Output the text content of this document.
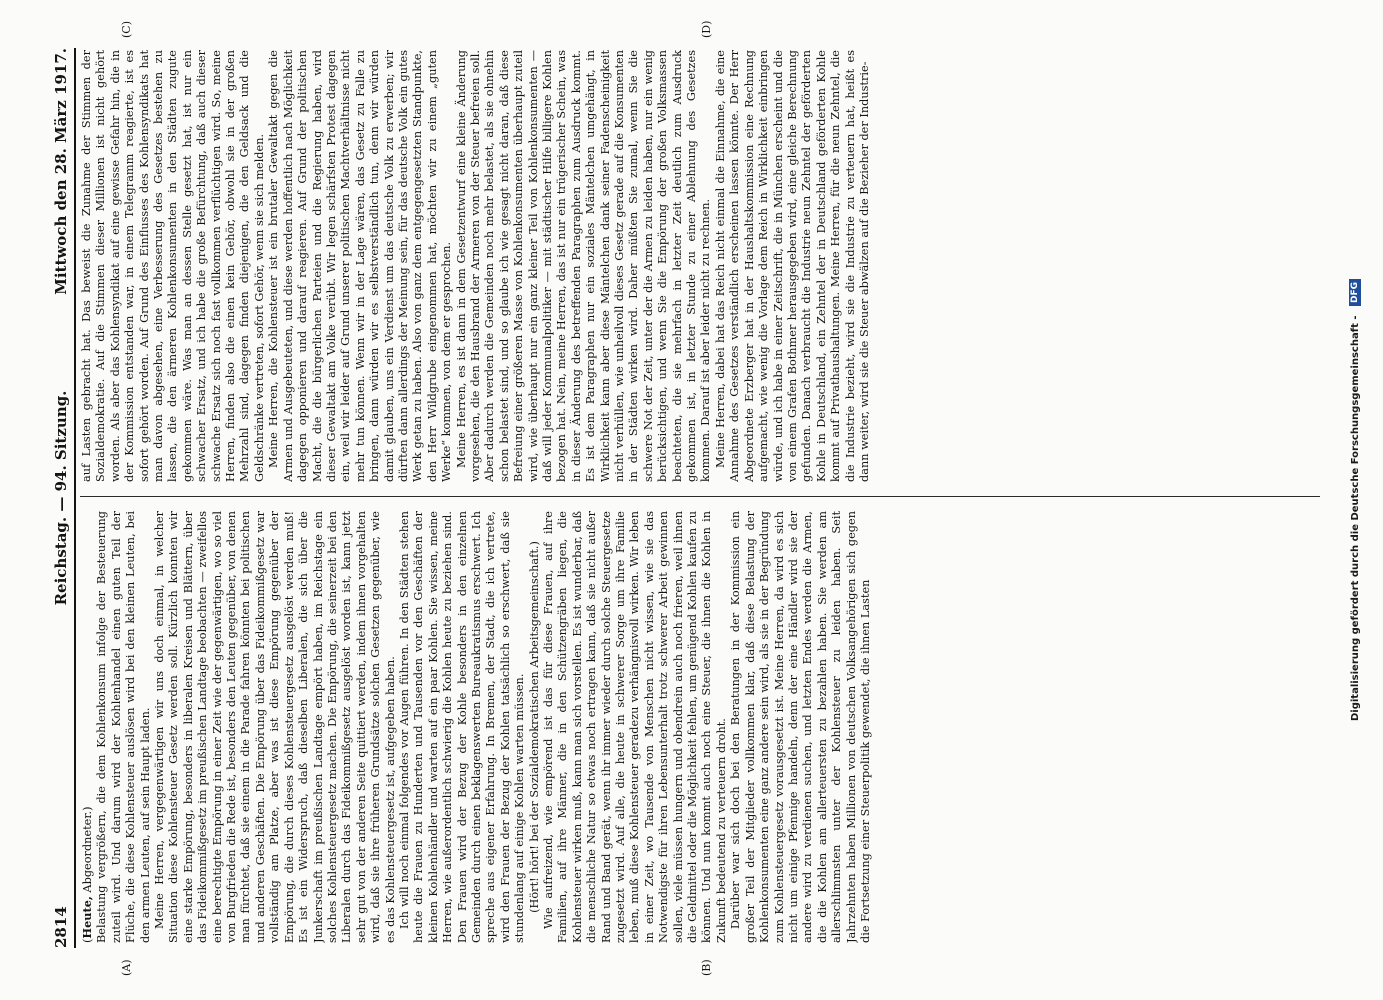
2814
Reichstag. — 94. Sitzung.
Mittwoch den 28. März 1917.
(A)	(B)
(C)	(D)

(Heute, Abgeordneter.) Belastung vergrößern, die dem Kohlenkonsum infolge der Besteuerung zuteil wird. Und darum wird der Kohlenhandel einen guten Teil der Flüche, die diese Kohlensteuer auslösen wird bei den kleinen Leuten, bei den armen Leuten, auf sein Haupt laden. Meine Herren, vergegenwärtigen wir uns doch einmal, in welcher Situation diese Kohlensteuer Gesetz werden soll. Kürzlich konnten wir eine starke Empörung, besonders in liberalen Kreisen und Blättern, über das Fideikommißgesetz im preußischen Landtage beobachten — zweifellos eine berechtigte Empörung in einer Zeit wie der gegenwärtigen, wo so viel von Burgfrieden die Rede ist, besonders den Leuten gegenüber, von denen man fürchtet, daß sie einem in die Parade fahren könnten bei politischen und anderen Geschäften. Die Empörung über das Fideikommißgesetz war vollständig am Platze, aber was ist diese Empörung gegenüber der Empörung, die durch dieses Kohlensteuergesetz ausgelöst werden muß! Es ist ein Widerspruch, daß dieselben Liberalen, die sich über die Junkerschaft im preußischen Landtage empört haben, im Reichstage ein solches Kohlensteuergesetz machen. Die Empörung, die seinerzeit bei den Liberalen durch das Fideikommißgesetz ausgelöst worden ist, kann jetzt sehr gut von der anderen Seite quittiert werden, indem ihnen vorgehalten wird, daß sie ihre früheren Grundsätze solchen Gesetzen gegenüber, wie es das Kohlensteuergesetz ist, aufgegeben haben. Ich will noch einmal folgendes vor Augen führen. In den Städten stehen heute die Frauen zu Hunderten und Tausenden vor den Geschäften der kleinen Kohlenhändler und warten auf ein paar Kohlen. Sie wissen, meine Herren, wie außerordentlich schwierig die Kohlen heute zu beziehen sind. Den Frauen wird der Bezug der Kohle besonders in den einzelnen Gemeinden durch einen beklagenswerten Bureaukratismus erschwert. Ich spreche aus eigener Erfahrung. In Bremen, der Stadt, die ich vertrete, wird den Frauen der Bezug der Kohlen tatsächlich so erschwert, daß sie stundenlang auf einige Kohlen warten müssen. (Hört! hört! bei der Sozialdemokratischen Arbeitsgemeinschaft.) Wie aufreizend, wie empörend ist das für diese Frauen, auf ihre Familien, auf ihre Männer, die in den Schützengräben liegen, die Kohlensteuer wirken muß, kann man sich vorstellen. Es ist wunderbar, daß die menschliche Natur so etwas noch ertragen kann, daß sie nicht außer Rand und Band gerät, wenn ihr immer wieder durch solche Steuergesetze zugesetzt wird. Auf alle, die heute in schwerer Sorge um ihre Familie leben, muß diese Kohlensteuer geradezu verhängnisvoll wirken. Wir leben in einer Zeit, wo Tausende von Menschen nicht wissen, wie sie das Notwendigste für ihren Lebensunterhalt trotz schwerer Arbeit gewinnen sollen, viele müssen hungern und obendrein auch noch frieren, weil ihnen die Geldmittel oder die Möglichkeit fehlen, um genügend Kohlen kaufen zu können. Und nun kommt auch noch eine Steuer, die ihnen die Kohlen in Zukunft bedeutend zu verteuern droht. Darüber war sich doch bei den Beratungen in der Kommission ein großer Teil der Mitglieder vollkommen klar, daß diese Belastung der Kohlenkonsumenten eine ganz andere sein wird, als sie in der Begründung zum Kohlensteuergesetz vorausgesetzt ist. Meine Herren, da wird es sich nicht um einige Pfennige handeln, denn der eine Händler wird sie der andere wird zu verdienen suchen, und letzten Endes werden die Armen, die die Kohlen am allerteuersten zu bezahlen haben. Sie werden am allerschlimmsten unter der Kohlensteuer zu leiden haben. Seit Jahrzehnten haben Millionen von deutschen Volksangehörigen sich gegen die Fortsetzung einer Steuerpolitik gewendet, die ihnen Lasten

auf Lasten gebracht hat. Das beweist die Zunahme der Stimmen der Sozialdemokratie. Auf die Stimmen dieser Millionen ist nicht gehört worden. Als aber das Kohlensyndikat auf eine gewisse Gefahr hin, die in der Kommission entstanden war, in einem Telegramm reagierte, ist es sofort gehört worden. Auf Grund des Einflusses des Kohlensyndikats hat man davon abgesehen, eine Verbesserung des Gesetzes bestehen zu lassen, die den ärmeren Kohlenkonsumenten in den Städten zugute gekommen wäre. Was man an dessen Stelle gesetzt hat, ist nur ein schwacher Ersatz, und ich habe die große Befürchtung, daß auch dieser schwache Ersatz sich noch fast vollkommen verflüchtigen wird. So, meine Herren, finden also die einen kein Gehör, obwohl sie in der großen Mehrzahl sind, dagegen finden diejenigen, die den Geldsack und die Geldschränke vertreten, sofort Gehör, wenn sie sich melden. Meine Herren, die Kohlensteuer ist ein brutaler Gewaltakt gegen die Armen und Ausgebeuteten, und diese werden hoffentlich nach Möglichkeit dagegen opponieren und darauf reagieren. Auf Grund der politischen Macht, die die bürgerlichen Parteien und die Regierung haben, wird dieser Gewaltakt am Volke verübt. Wir legen schärfsten Protest dagegen ein, weil wir leider auf Grund unserer politischen Machtverhältnisse nicht mehr tun können. Wenn wir in der Lage wären, das Gesetz zu Falle zu bringen, dann würden wir es selbstverständlich tun, denn wir würden damit glauben, uns ein Verdienst um das deutsche Volk zu erwerben; wir dürften dann allerdings der Meinung sein, für das deutsche Volk ein gutes Werk getan zu haben. Also von ganz dem entgegengesetzten Standpunkte, den Herr Wildgrube eingenommen hat, möchten wir zu einem „guten Werke“ kommen, von dem er gesprochen. Meine Herren, es ist dann in dem Gesetzentwurf eine kleine Änderung vorgesehen, die den Hausbrand der Armeren von der Steuer befreien soll. Aber dadurch werden die Gemeinden noch mehr belastet, als sie ohnehin schon belastet sind, und so glaube ich wie gesagt nicht daran, daß diese Befreiung einer größeren Masse von Kohlenkonsumenten überhaupt zuteil wird, wie überhaupt nur ein ganz kleiner Teil von Kohlenkonsumenten — daß will jeder Kommunalpolitiker — mit städtischer Hilfe billigere Kohlen bezogen hat. Nein, meine Herren, das ist nur ein trügerischer Schein, was in dieser Änderung des betreffenden Paragraphen zum Ausdruck kommt. Es ist dem Paragraphen nur ein soziales Mäntelchen umgehängt, in Wirklichkeit kann aber diese Mäntelchen dank seiner Fadenscheinigkeit nicht verhüllen, wie unheilvoll dieses Gesetz gerade auf die Konsumenten in der Städten wirken wird. Daher müßten Sie zumal, wenn Sie die schwere Not der Zeit, unter der die Armen zu leiden haben, nur ein wenig berücksichtigen, und wenn Sie die Empörung der großen Volksmassen beachteten, die sie mehrfach in letzter Zeit deutlich zum Ausdruck gekommen ist, in letzter Stunde zu einer Ablehnung des Gesetzes kommen. Darauf ist aber leider nicht zu rechnen. Meine Herren, dabei hat das Reich nicht einmal die Einnahme, die eine Annahme des Gesetzes verständlich erscheinen lassen könnte. Der Herr Abgeordnete Erzberger hat in der Haushaltskommission eine Rechnung aufgemacht, wie wenig die Vorlage dem Reich in Wirklichkeit einbringen würde, und ich habe in einer Zeitschrift, die in München erscheint und die von einem Grafen Bothmer herausgegeben wird, eine gleiche Berechnung gefunden. Danach verbraucht die Industrie neun Zehntel der geförderten Kohle in Deutschland, ein Zehntel der in Deutschland geförderten Kohle kommt auf Privathaushaltungen. Meine Herren, für die neun Zehntel, die die Industrie bezieht, wird sie die Industrie zu verteuern hat, heißt es dann weiter, wird sie die Steuer abwälzen auf die Bezieher der Industrie-

Digitalisierung gefördert durch die Deutsche Forschungsgemeinschaft - DFG
